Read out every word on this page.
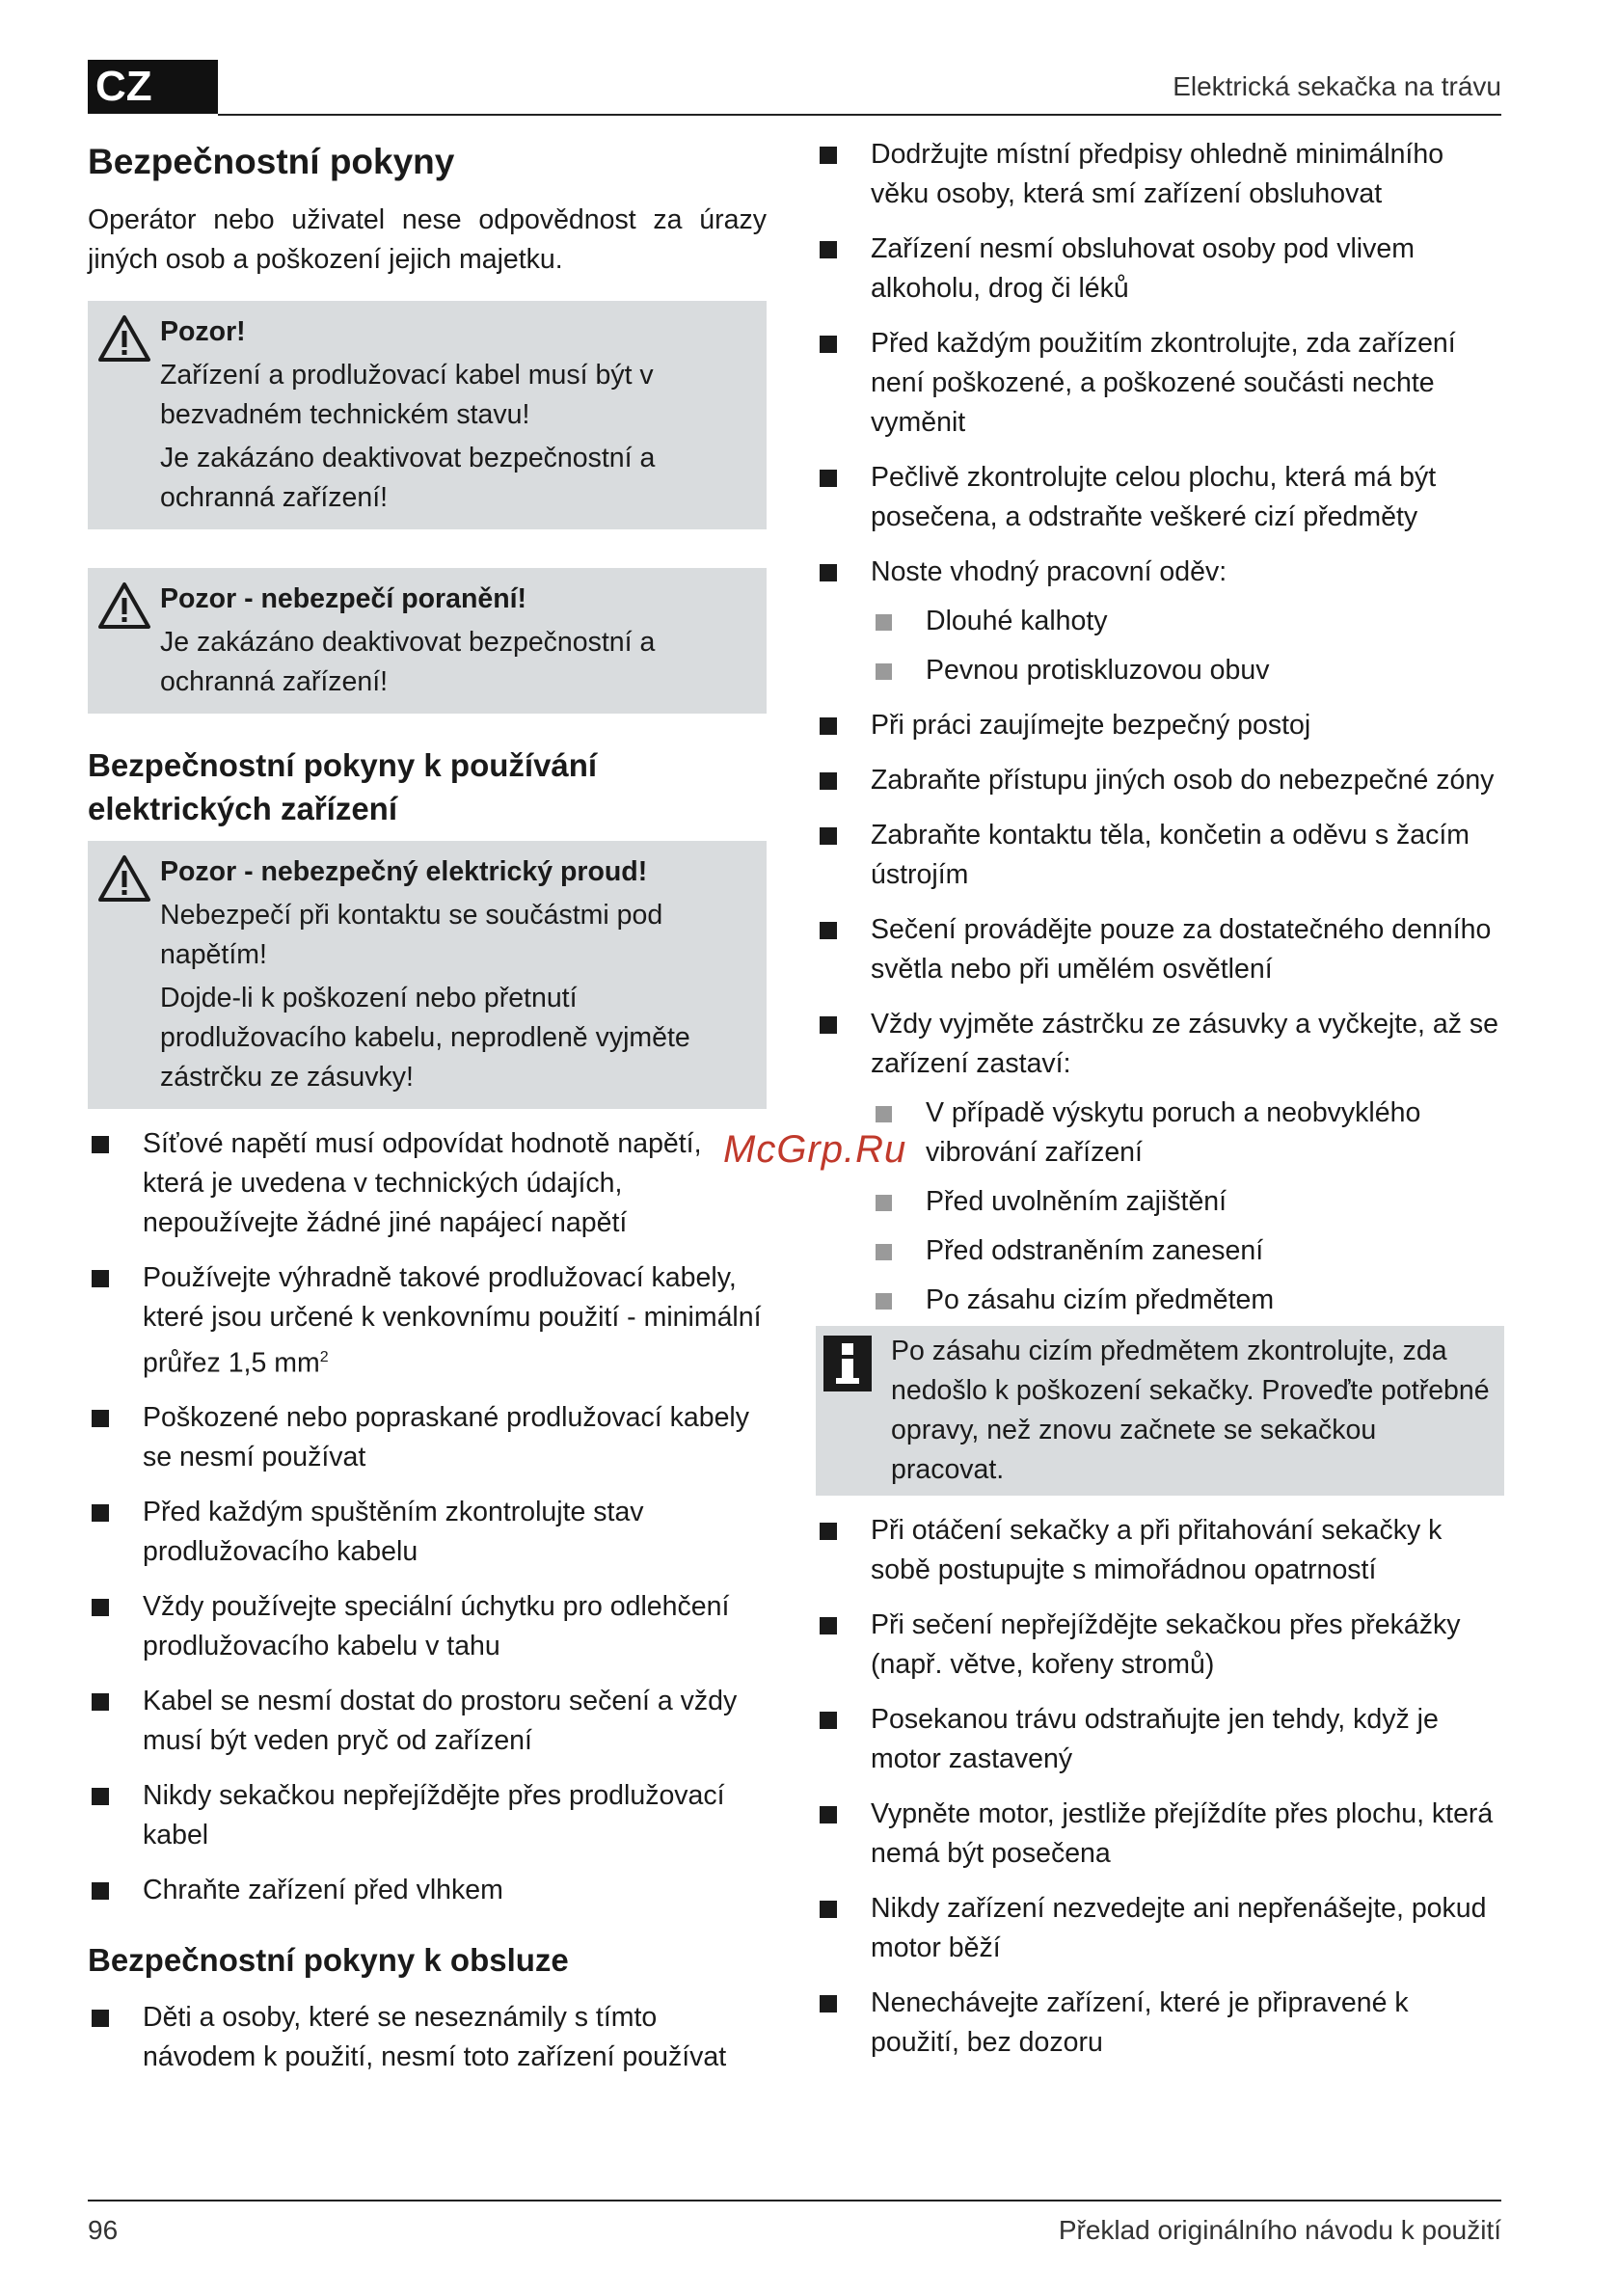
CZ	Elektrická sekačka na trávu
Bezpečnostní pokyny

Operátor nebo uživatel nese odpovědnost za úrazy jiných osob a poškození jejich majetku.

Pozor!

Zařízení a prodlužovací kabel musí být v bezvadném technickém stavu!

Je zakázáno deaktivovat bezpečnostní a ochranná zařízení!

Pozor - nebezpečí poranění!

Je zakázáno deaktivovat bezpečnostní a ochranná zařízení!

Bezpečnostní pokyny k používání elektrických zařízení
Pozor - nebezpečný elektrický proud!

Nebezpečí při kontaktu se součástmi pod napětím!

Dojde-li k poškození nebo přetnutí prodlužovacího kabelu, neprodleně vyjměte zástrčku ze zásuvky!

Síťové napětí musí odpovídat hodnotě napětí, která je uvedena v technických údajích, nepoužívejte žádné jiné napájecí napětí
Používejte výhradně takové prodlužovací kabely, které jsou určené k venkovnímu použití - minimální průřez 1,5 $mm^2$
Poškozené nebo popraskané prodlužovací kabely se nesmí používat
Před každým spuštěním zkontrolujte stav prodlužovacího kabelu
Vždy používejte speciální úchytku pro odlehčení prodlužovacího kabelu v tahu
Kabel se nesmí dostat do prostoru sečení a vždy musí být veden pryč od zařízení
Nikdy sekačkou nepřejíždějte přes prodlužovací kabel
Chraňte zařízení před vlhkem
Bezpečnostní pokyny k obsluze
Děti a osoby, které se neseznámily s tímto návodem k použití, nesmí toto zařízení používat
Dodržujte místní předpisy ohledně minimálního věku osoby, která smí zařízení obsluhovat
Zařízení nesmí obsluhovat osoby pod vlivem alkoholu, drog či léků
Před každým použitím zkontrolujte, zda zařízení není poškozené, a poškozené součásti nechte vyměnit
Pečlivě zkontrolujte celou plochu, která má být posečena, a odstraňte veškeré cizí předměty
Noste vhodný pracovní oděv:
Dlouhé kalhoty
Pevnou protiskluzovou obuv
Při práci zaujímejte bezpečný postoj
Zabraňte přístupu jiných osob do nebezpečné zóny
Zabraňte kontaktu těla, končetin a oděvu s žacím ústrojím
Sečení provádějte pouze za dostatečného denního světla nebo při umělém osvětlení
Vždy vyjměte zástrčku ze zásuvky a vyčkejte, až se zařízení zastaví:
V případě výskytu poruch a neobvyklého vibrování zařízení
Před uvolněním zajištění
Před odstraněním zanesení
Po zásahu cizím předmětem
Po zásahu cizím předmětem zkontrolujte, zda nedošlo k poškození sekačky. Proveďte potřebné opravy, než znovu začnete se sekačkou pracovat.
Při otáčení sekačky a při přitahování sekačky k sobě postupujte s mimořádnou opatrností
Při sečení nepřejíždějte sekačkou přes překážky (např. větve, kořeny stromů)
Posekanou trávu odstraňujte jen tehdy, když je motor zastavený
Vypněte motor, jestliže přejíždíte přes plochu, která nemá být posečena
Nikdy zařízení nezvedejte ani nepřenášejte, pokud motor běží
Nenechávejte zařízení, které je připravené k použití, bez dozoru
McGrp.Ru
96	Překlad originálního návodu k použití
